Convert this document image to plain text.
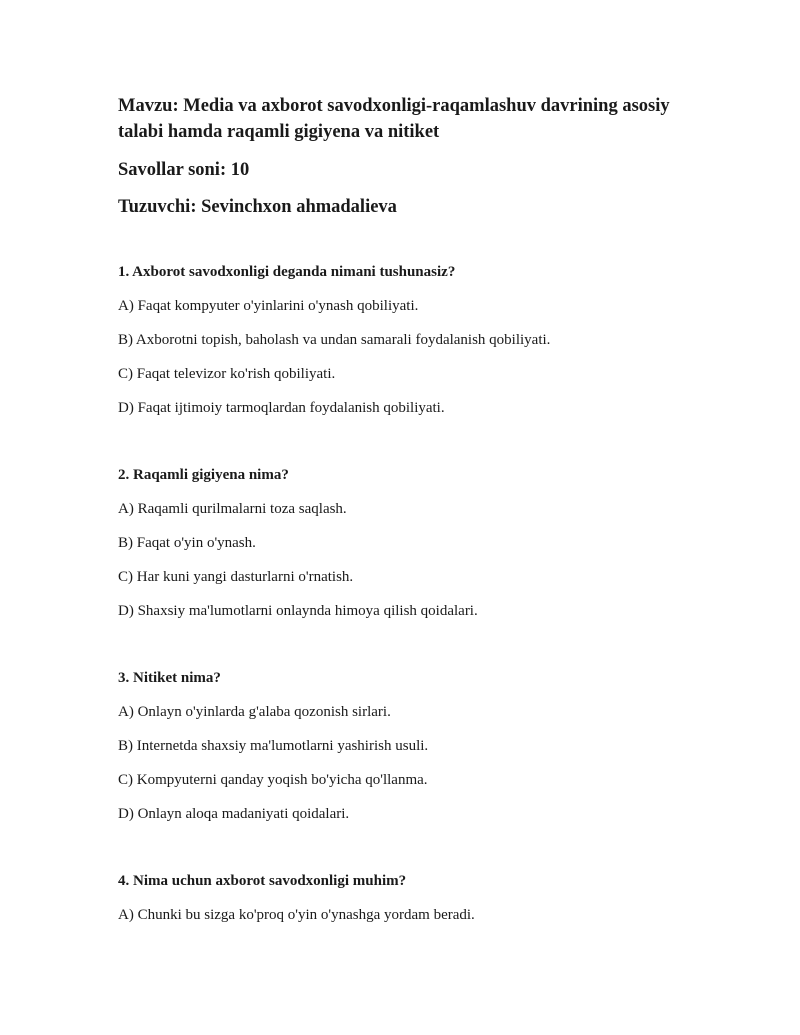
Mavzu: Media va axborot savodxonligi-raqamlashuv davrining asosiy talabi hamda raqamli gigiyena va nitiket

Savollar soni: 10

Tuzuvchi: Sevinchxon ahmadalieva

1. Axborot savodxonligi deganda nimani tushunasiz?

A) Faqat kompyuter o'yinlarini o'ynash qobiliyati.

B) Axborotni topish, baholash va undan samarali foydalanish qobiliyati.

C) Faqat televizor ko'rish qobiliyati.

D) Faqat ijtimoiy tarmoqlardan foydalanish qobiliyati.

2. Raqamli gigiyena nima?

A) Raqamli qurilmalarni toza saqlash.

B) Faqat o'yin o'ynash.

C) Har kuni yangi dasturlarni o'rnatish.

D) Shaxsiy ma'lumotlarni onlaynda himoya qilish qoidalari.

3. Nitiket nima?

A) Onlayn o'yinlarda g'alaba qozonish sirlari.

B) Internetda shaxsiy ma'lumotlarni yashirish usuli.

C) Kompyuterni qanday yoqish bo'yicha qo'llanma.

D) Onlayn aloqa madaniyati qoidalari.

4. Nima uchun axborot savodxonligi muhim?

A) Chunki bu sizga ko'proq o'yin o'ynashga yordam beradi.
